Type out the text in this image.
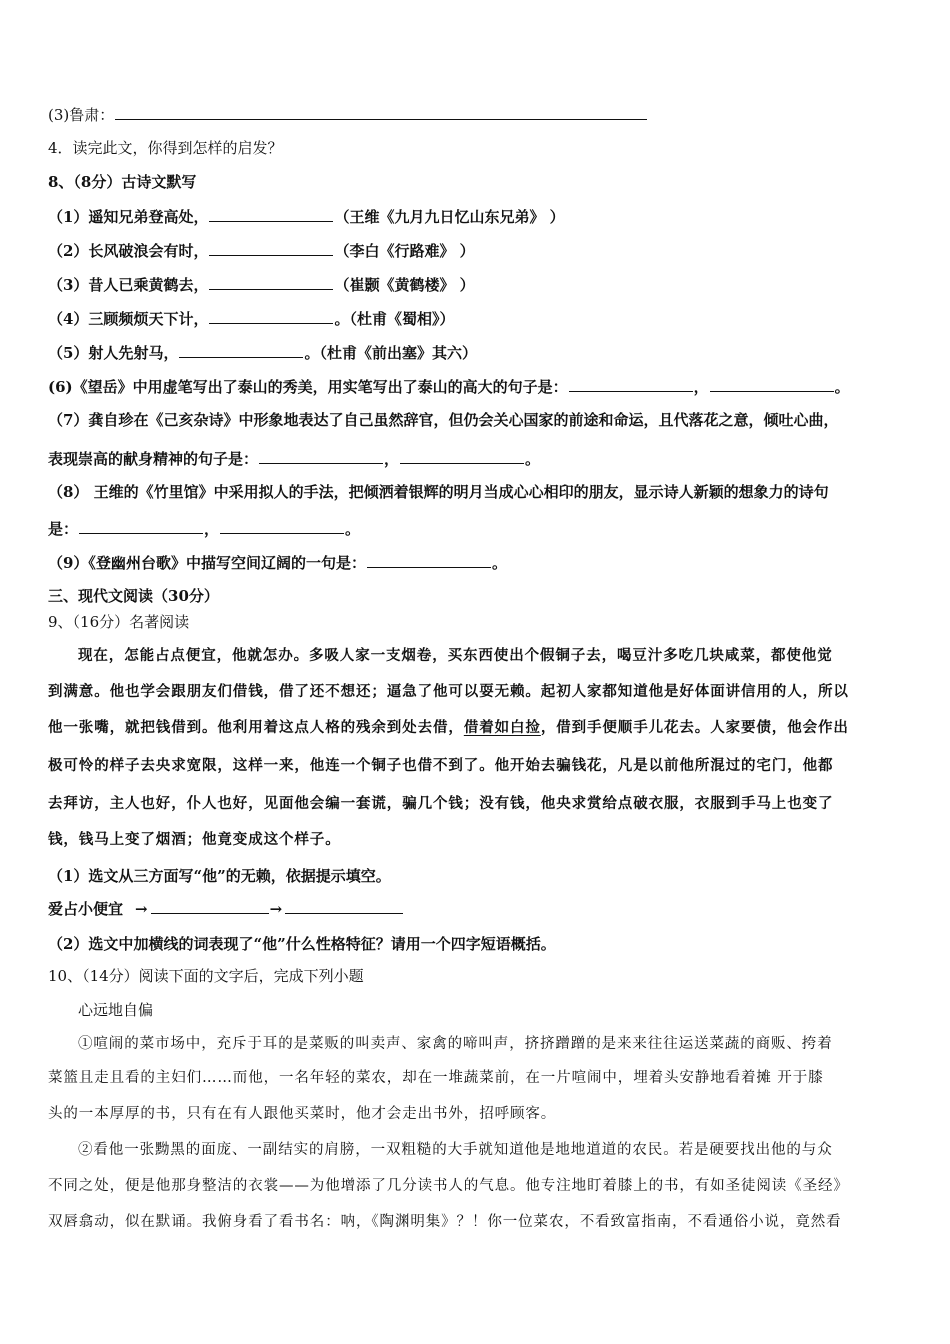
(3)鲁肃：
4．读完此文，你得到怎样的启发？
8、（8分）古诗文默写
（1）遥知兄弟登高处，	（王维《九月九日忆山东兄弟》 ）
（2）长风破浪会有时，	（李白《行路难》 ）
（3）昔人已乘黄鹤去，	（崔颢《黄鹤楼》 ）
（4）三顾频烦天下计，	。（杜甫《蜀相》）
（5）射人先射马，	。（杜甫《前出塞》其六）
(6)《望岳》中用虚笔写出了泰山的秀美，用实笔写出了泰山的高大的句子是：	，	。
（7）龚自珍在《己亥杂诗》中形象地表达了自己虽然辞官，但仍会关心国家的前途和命运，且代落花之意，倾吐心曲，
表现崇高的献身精神的句子是：	，	。
（8） 王维的《竹里馆》中采用拟人的手法，把倾洒着银辉的明月当成心心相印的朋友，显示诗人新颖的想象力的诗句
是：	，	。
（9）《登幽州台歌》中描写空间辽阔的一句是：	。
三、现代文阅读（30分）
9、（16分）名著阅读
现在，怎能占点便宜，他就怎办。多吸人家一支烟卷，买东西使出个假铜子去，喝豆汁多吃几块咸菜，都使他觉
到满意。他也学会跟朋友们借钱，借了还不想还；逼急了他可以耍无赖。起初人家都知道他是好体面讲信用的人，所以
他一张嘴，就把钱借到。他利用着这点人格的残余到处去借，借着如白捡，借到手便顺手儿花去。人家要债，他会作出
极可怜的样子去央求宽限，这样一来，他连一个铜子也借不到了。他开始去骗钱花，凡是以前他所混过的宅门，他都
去拜访，主人也好，仆人也好，见面他会编一套谎，骗几个钱；没有钱，他央求赏给点破衣服，衣服到手马上也变了
钱，钱马上变了烟酒；他竟变成这个样子。
（1）选文从三方面写“他”的无赖，依据提示填空。
爱占小便宜 →	→
（2）选文中加横线的词表现了“他”什么性格特征？请用一个四字短语概括。
10、（14分）阅读下面的文字后，完成下列小题
心远地自偏
①喧闹的菜市场中，充斥于耳的是菜贩的叫卖声、家禽的啼叫声，挤挤蹭蹭的是来来往往运送菜蔬的商贩、挎着
菜篮且走且看的主妇们……而他，一名年轻的菜农，却在一堆蔬菜前，在一片喧闹中，埋着头安静地看着摊 开于膝
头的一本厚厚的书，只有在有人跟他买菜时，他才会走出书外，招呼顾客。
②看他一张黝黑的面庞、一副结实的肩膀，一双粗糙的大手就知道他是地地道道的农民。若是硬要找出他的与众
不同之处，便是他那身整洁的衣裳——为他增添了几分读书人的气息。他专注地盯着膝上的书，有如圣徒阅读《圣经》
双唇翕动，似在默诵。我俯身看了看书名：呐，《陶渊明集》？！你一位菜农，不看致富指南，不看通俗小说，竟然看
